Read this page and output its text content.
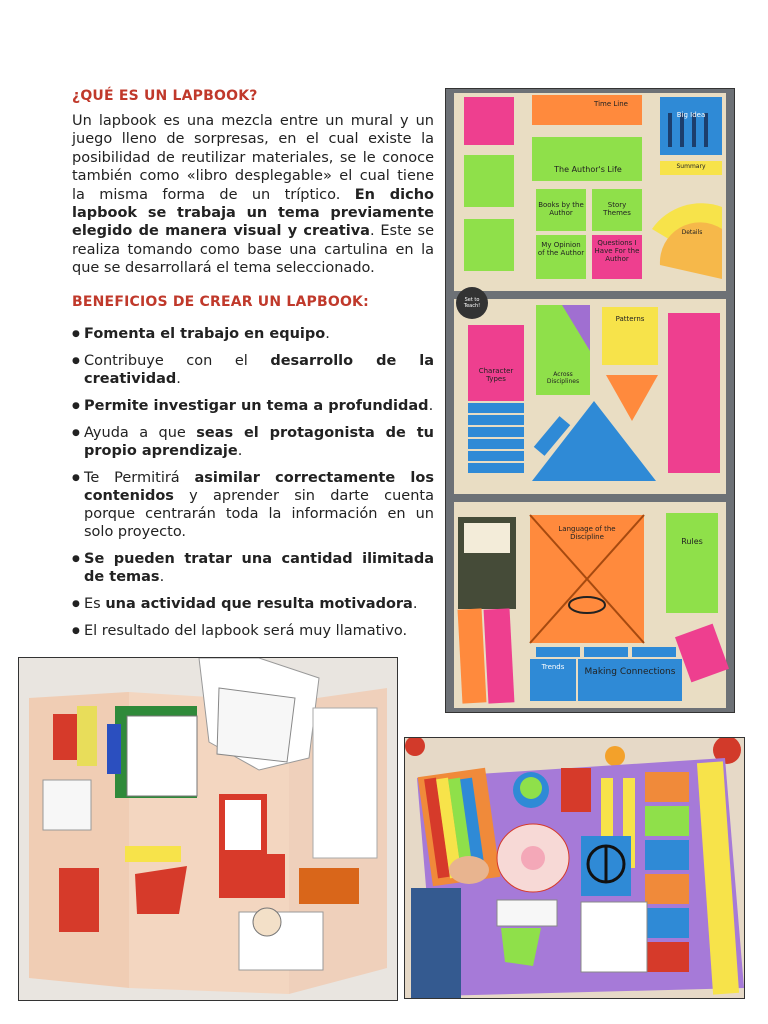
¿QUÉ ES UN LAPBOOK?
Un lapbook es una mezcla entre un mural y un juego lleno de sorpresas, en el cual existe la posibilidad de reutilizar materiales, se le conoce también como «libro desplegable» el cual tiene la misma forma de un tríptico. En dicho lapbook se trabaja un tema previamente elegido de manera visual y creativa. Este se realiza tomando como base una cartulina en la que se desarrollará el tema seleccionado.
BENEFICIOS DE CREAR UN LAPBOOK:
● Fomenta el trabajo en equipo.
● Contribuye con el desarrollo de la creatividad.
● Permite investigar un tema a profundidad.
● Ayuda a que seas el protagonista de tu propio aprendizaje.
● Te Permitirá asimilar correctamente los contenidos y aprender sin darte cuenta porque centrarán toda la información en un solo proyecto.
● Se pueden tratar una cantidad ilimitada de temas.
● Es una actividad que resulta motivadora.
● El resultado del lapbook será muy llamativo.
Time Line
The Author's Life
Big Idea
Summary
Books by the Author
Story Themes
My Opinion of the Author
Questions I Have For the Author
Details
Set to Teach!
Character Types
Across Disciplines
Patterns
Rules
Language of the Discipline
Trends	Making Connections
